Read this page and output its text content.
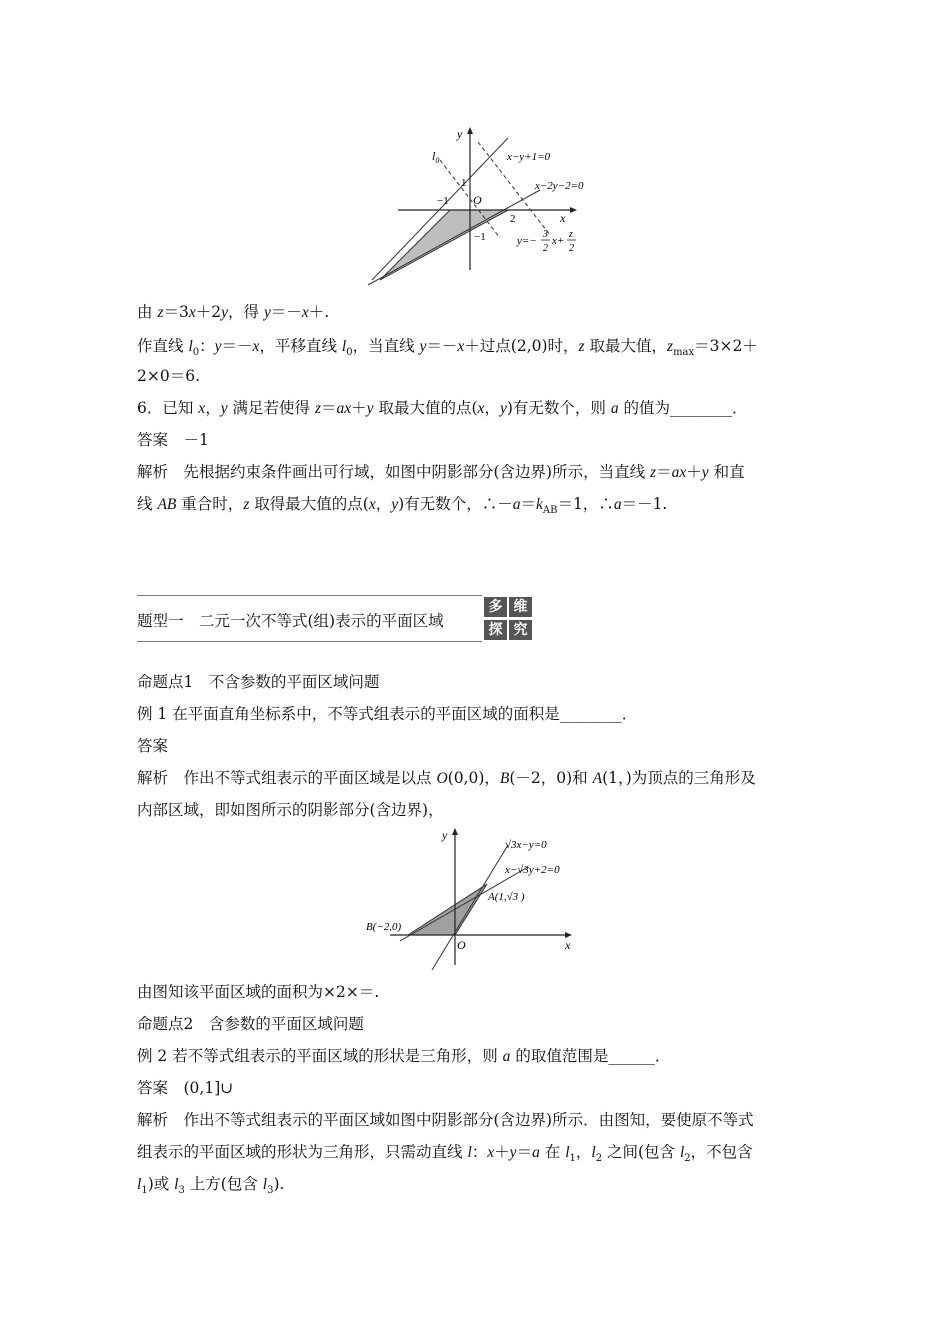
y
x
O
$l_0$
1
−1
−1
2
x−y+1=0
x−2y−2=0
y=−
3
2
x+
z
2
由 z＝3x＋2y，得 y＝－x＋.
作直线 $l_0$：y＝－x，平移直线 $l_0$，当直线 y＝－x＋过点(2,0)时，z 取最大值，$z_{max}=3\times 2+$
2×0＝6.
6．已知 x，y 满足若使得 z＝ax＋y 取最大值的点(x，y)有无数个，则 a 的值为________．
答案　－1
解析　先根据约束条件画出可行域，如图中阴影部分(含边界)所示，当直线 z＝ax＋y 和直
线 AB 重合时，z 取得最大值的点(x，y)有无数个，$\therefore-a=k_{AB}=1$，∴a＝－1.
题型一　二元一次不等式(组)表示的平面区域
多 维
探 究
命题点1　不含参数的平面区域问题
例 1 在平面直角坐标系中，不等式组表示的平面区域的面积是________．
答案
解析　作出不等式组表示的平面区域是以点 O(0,0)，B(－2，0)和 A(1，)为顶点的三角形及
内部区域，即如图所示的阴影部分(含边界)，
y
x
O
√3x−y=0
x−√3y+2=0
A(1,√3 )
B(−2,0)
由图知该平面区域的面积为×2×＝.
命题点2　含参数的平面区域问题
例 2 若不等式组表示的平面区域的形状是三角形，则 a 的取值范围是______．
答案　(0,1]∪
解析　作出不等式组表示的平面区域如图中阴影部分(含边界)所示．由图知，要使原不等式
组表示的平面区域的形状为三角形，只需动直线 l：x＋y＝a 在 $l_1$，$l_2$ 之间(包含 $l_2$，不包含
$l_1$)或 $l_3$ 上方(包含 $l_3$).
